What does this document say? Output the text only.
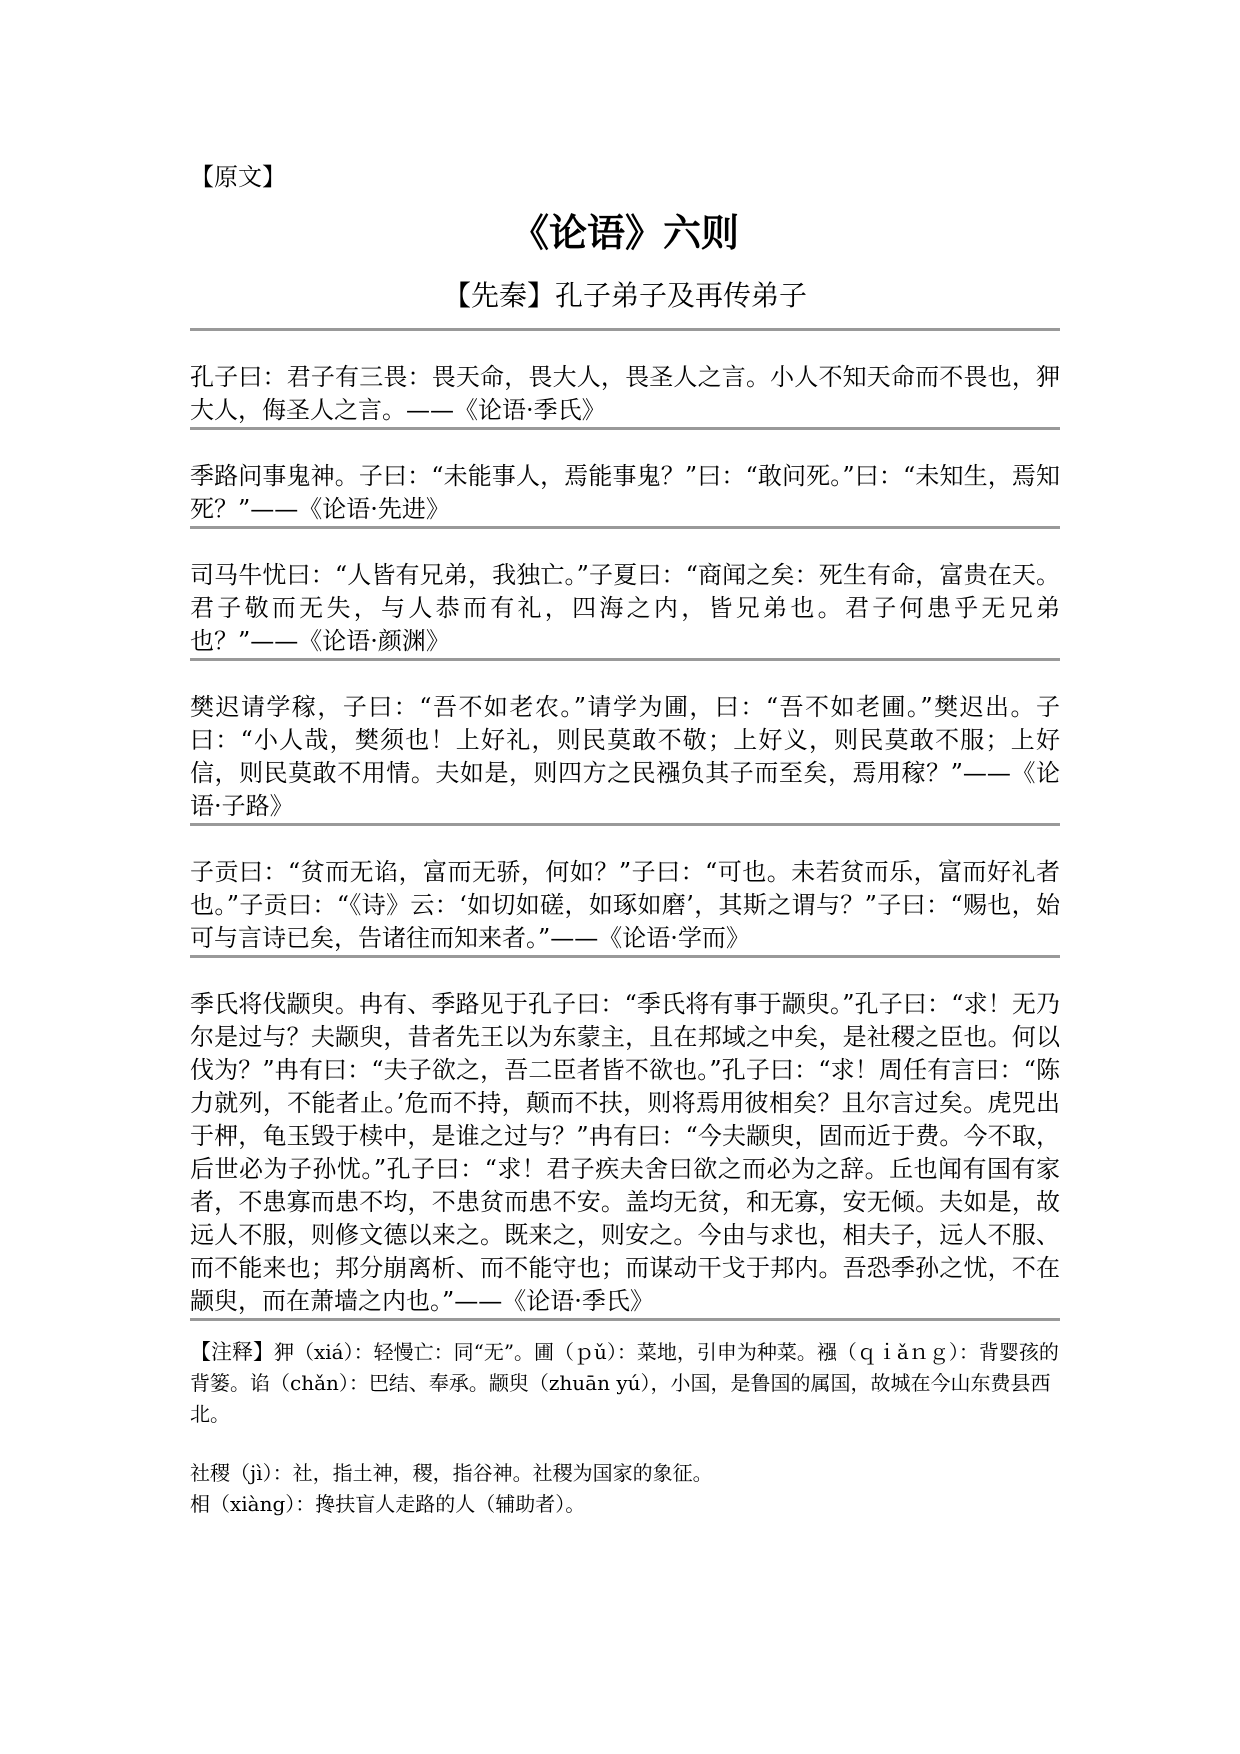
【原文】

《论语》六则

【先秦】孔子弟子及再传弟子

孔子曰：君子有三畏：畏天命，畏大人，畏圣人之言。小人不知天命而不畏也，狎大人，侮圣人之言。——《论语·季氏》

季路问事鬼神。子曰：“未能事人，焉能事鬼？”曰：“敢问死。”曰：“未知生，焉知死？”——《论语·先进》

司马牛忧曰：“人皆有兄弟，我独亡。”子夏曰：“商闻之矣：死生有命，富贵在天。君子敬而无失，与人恭而有礼，四海之内，皆兄弟也。君子何患乎无兄弟也？”——《论语·颜渊》

樊迟请学稼，子曰：“吾不如老农。”请学为圃，曰：“吾不如老圃。”樊迟出。子曰：“小人哉，樊须也！上好礼，则民莫敢不敬；上好义，则民莫敢不服；上好信，则民莫敢不用情。夫如是，则四方之民襁负其子而至矣，焉用稼？”——《论语·子路》

子贡曰：“贫而无谄，富而无骄，何如？”子曰：“可也。未若贫而乐，富而好礼者也。”子贡曰：“《诗》云：‘如切如磋，如琢如磨’，其斯之谓与？”子曰：“赐也，始可与言诗已矣，告诸往而知来者。”——《论语·学而》

季氏将伐颛臾。冉有、季路见于孔子曰：“季氏将有事于颛臾。”孔子曰：“求！无乃尔是过与？夫颛臾，昔者先王以为东蒙主，且在邦域之中矣，是社稷之臣也。何以伐为？”冉有曰：“夫子欲之，吾二臣者皆不欲也。”孔子曰：“求！周任有言曰：“陈力就列，不能者止。’危而不持，颠而不扶，则将焉用彼相矣？且尔言过矣。虎兕出于柙，龟玉毁于椟中，是谁之过与？”冉有曰：“今夫颛臾，固而近于费。今不取，后世必为子孙忧。”孔子曰：“求！君子疾夫舍曰欲之而必为之辞。丘也闻有国有家者，不患寡而患不均，不患贫而患不安。盖均无贫，和无寡，安无倾。夫如是，故远人不服，则修文德以来之。既来之，则安之。今由与求也，相夫子，远人不服、而不能来也；邦分崩离析、而不能守也；而谋动干戈于邦内。吾恐季孙之忧，不在颛臾，而在萧墙之内也。”——《论语·季氏》

【注释】狎（xiá）：轻慢亡：同“无”。圃（ｐǔ）：菜地，引申为种菜。襁（ｑｉǎｎｇ）：背婴孩的背篓。谄（chǎn）：巴结、奉承。颛臾（zhuān yú），小国，是鲁国的属国，故城在今山东费县西北。

社稷（jì）：社，指土神，稷，指谷神。社稷为国家的象征。

相（xiàng）：搀扶盲人走路的人（辅助者）。
